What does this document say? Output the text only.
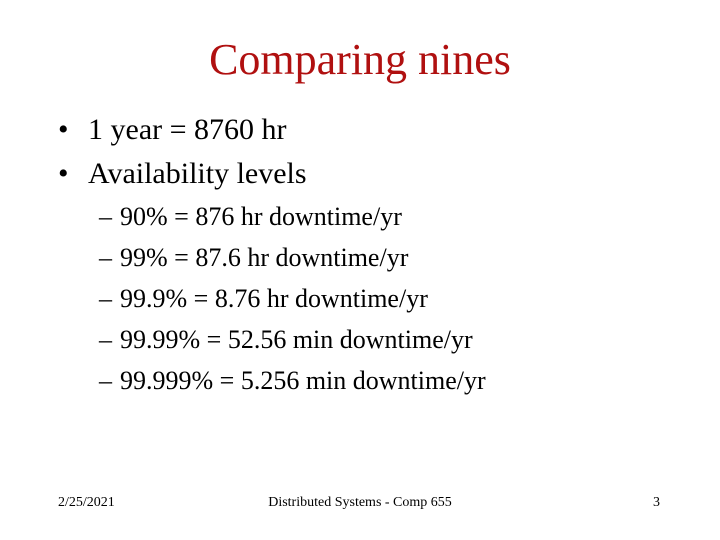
Comparing nines
• 1 year = 8760 hr
• Availability levels
– 90% = 876 hr downtime/yr
– 99% = 87.6 hr downtime/yr
– 99.9% = 8.76 hr downtime/yr
– 99.99% = 52.56 min downtime/yr
– 99.999% = 5.256 min downtime/yr
2/25/2021	Distributed Systems - Comp 655	3
